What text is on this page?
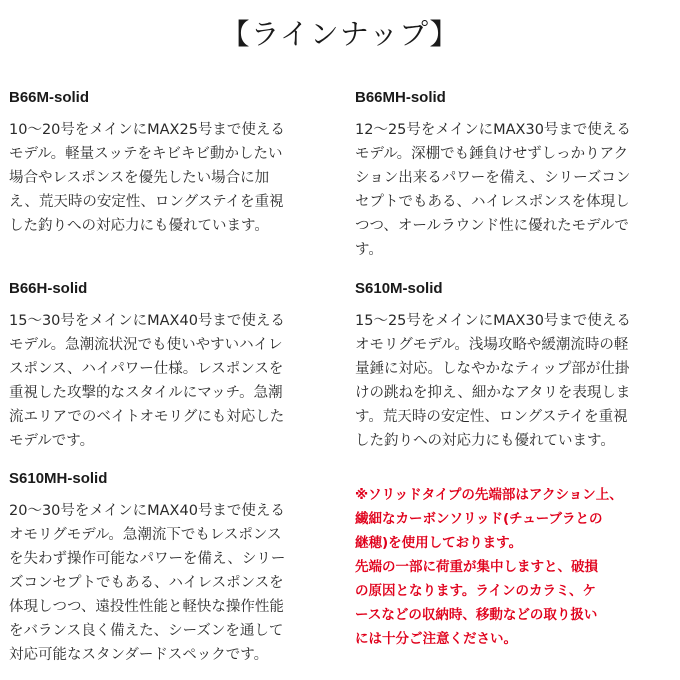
【ラインナップ】
B66M-solid
10～20号をメインにMAX25号まで使える
モデル。軽量スッテをキビキビ動かしたい
場合やレスポンスを優先したい場合に加
え、荒天時の安定性、ロングステイを重視
した釣りへの対応力にも優れています。
B66MH-solid
12～25号をメインにMAX30号まで使える
モデル。深棚でも錘負けせずしっかりアク
ション出来るパワーを備え、シリーズコン
セプトでもある、ハイレスポンスを体現し
つつ、オールラウンド性に優れたモデルで
す。
B66H-solid
15～30号をメインにMAX40号まで使える
モデル。急潮流状況でも使いやすいハイレ
スポンス、ハイパワー仕様。レスポンスを
重視した攻撃的なスタイルにマッチ。急潮
流エリアでのベイトオモリグにも対応した
モデルです。
S610M-solid
15～25号をメインにMAX30号まで使える
オモリグモデル。浅場攻略や緩潮流時の軽
量錘に対応。しなやかなティップ部が仕掛
けの跳ねを抑え、細かなアタリを表現しま
す。荒天時の安定性、ロングステイを重視
した釣りへの対応力にも優れています。
S610MH-solid
20～30号をメインにMAX40号まで使える
オモリグモデル。急潮流下でもレスポンス
を失わず操作可能なパワーを備え、シリー
ズコンセプトでもある、ハイレスポンスを
体現しつつ、遠投性性能と軽快な操作性能
をバランス良く備えた、シーズンを通して
対応可能なスタンダードスペックです。
※ソリッドタイプの先端部はアクション上、
繊細なカーボンソリッド(チューブラとの
継穂)を使用しております。
先端の一部に荷重が集中しますと、破損
の原因となります。ラインのカラミ、ケ
ースなどの収納時、移動などの取り扱い
には十分ご注意ください。
